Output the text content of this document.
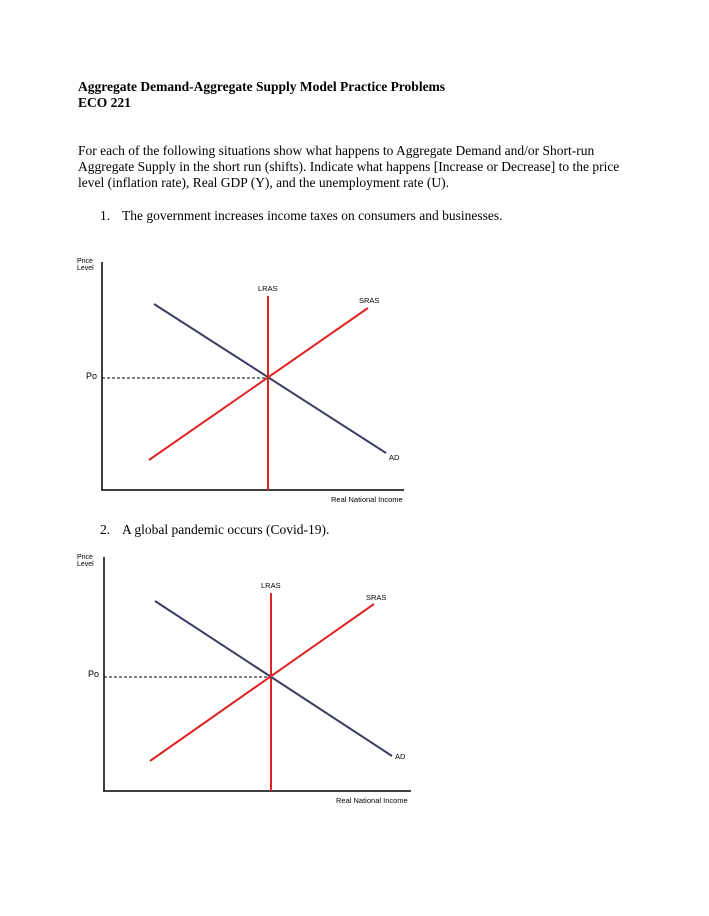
Aggregate Demand-Aggregate Supply Model Practice Problems
ECO 221
For each of the following situations show what happens to Aggregate Demand and/or Short-run Aggregate Supply in the short run (shifts). Indicate what happens [Increase or Decrease] to the price level (inflation rate), Real GDP (Y), and the unemployment rate (U).
1. The government increases income taxes on consumers and businesses.
Price
Level
Po
LRAS
SRAS
AD
Real National Income
2. A global pandemic occurs (Covid-19).
Price
Level
Po
LRAS
SRAS
AD
Real National Income
